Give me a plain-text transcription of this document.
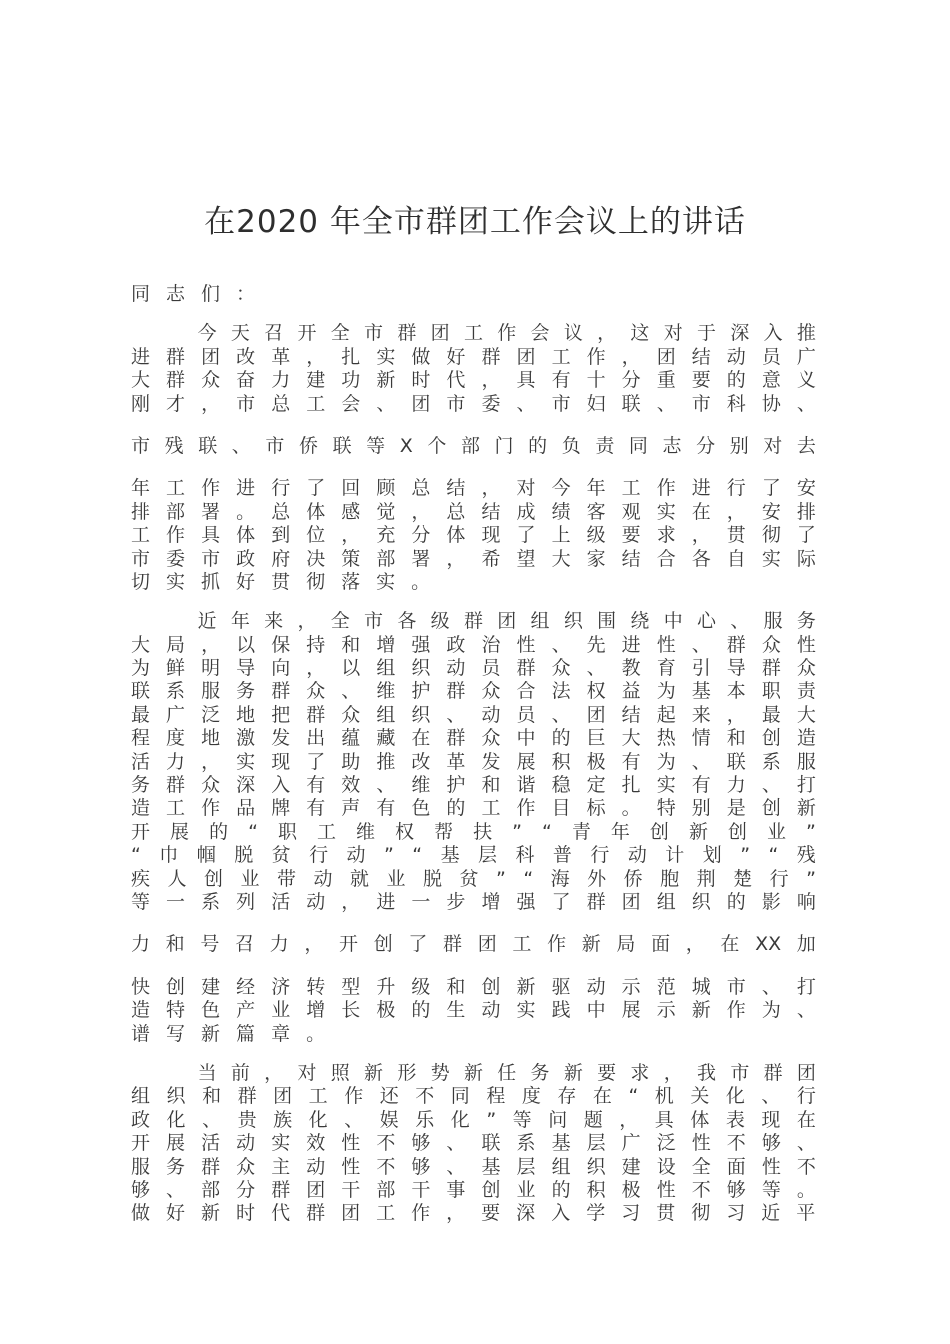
在2020 年全市群团工作会议上的讲话
同 志 们 ：

今 天 召 开 全 市 群 团 工 作 会 议 ， 这 对 于 深 入 推
进 群 团 改 革 ， 扎 实 做 好 群 团 工 作 ， 团 结 动 员 广
大 群 众 奋 力 建 功 新 时 代 ， 具 有 十 分 重 要 的 意 义
刚 才 ， 市 总 工 会 、 团 市 委 、 市 妇 联 、 市 科 协 、
市 残 联 、 市 侨 联 等 X 个 部 门 的 负 责 同 志 分 别 对 去
年 工 作 进 行 了 回 顾 总 结 ， 对 今 年 工 作 进 行 了 安
排 部 署 。 总 体 感 觉 ， 总 结 成 绩 客 观 实 在 ， 安 排
工 作 具 体 到 位 ， 充 分 体 现 了 上 级 要 求 ， 贯 彻 了
市 委 市 政 府 决 策 部 署 ， 希 望 大 家 结 合 各 自 实 际
切 实 抓 好 贯 彻 落 实 。

近 年 来 ， 全 市 各 级 群 团 组 织 围 绕 中 心 、 服 务
大 局 ， 以 保 持 和 增 强 政 治 性 、 先 进 性 、 群 众 性
为 鲜 明 导 向 ， 以 组 织 动 员 群 众 、 教 育 引 导 群 众
联 系 服 务 群 众 、 维 护 群 众 合 法 权 益 为 基 本 职 责
最 广 泛 地 把 群 众 组 织 、 动 员 、 团 结 起 来 ， 最 大
程 度 地 激 发 出 蕴 藏 在 群 众 中 的 巨 大 热 情 和 创 造
活 力 ， 实 现 了 助 推 改 革 发 展 积 极 有 为 、 联 系 服
务 群 众 深 入 有 效 、 维 护 和 谐 稳 定 扎 实 有 力 、 打
造 工 作 品 牌 有 声 有 色 的 工 作 目 标 。 特 别 是 创 新
开 展 的 “ 职 工 维 权 帮 扶 ” “ 青 年 创 新 创 业 ”
“ 巾 帼 脱 贫 行 动 ” “ 基 层 科 普 行 动 计 划 ” “ 残
疾 人 创 业 带 动 就 业 脱 贫 ” “ 海 外 侨 胞 荆 楚 行 ”
等 一 系 列 活 动 ， 进 一 步 增 强 了 群 团 组 织 的 影 响
力 和 号 召 力 ， 开 创 了 群 团 工 作 新 局 面 ， 在 XX 加
快 创 建 经 济 转 型 升 级 和 创 新 驱 动 示 范 城 市 、 打
造 特 色 产 业 增 长 极 的 生 动 实 践 中 展 示 新 作 为 、
谱 写 新 篇 章 。

当 前 ， 对 照 新 形 势 新 任 务 新 要 求 ， 我 市 群 团
组 织 和 群 团 工 作 还 不 同 程 度 存 在 “ 机 关 化 、 行
政 化 、 贵 族 化 、 娱 乐 化 ” 等 问 题 ， 具 体 表 现 在
开 展 活 动 实 效 性 不 够 、 联 系 基 层 广 泛 性 不 够 、
服 务 群 众 主 动 性 不 够 、 基 层 组 织 建 设 全 面 性 不
够 、 部 分 群 团 干 部 干 事 创 业 的 积 极 性 不 够 等 。
做 好 新 时 代 群 团 工 作 ， 要 深 入 学 习 贯 彻 习 近 平
